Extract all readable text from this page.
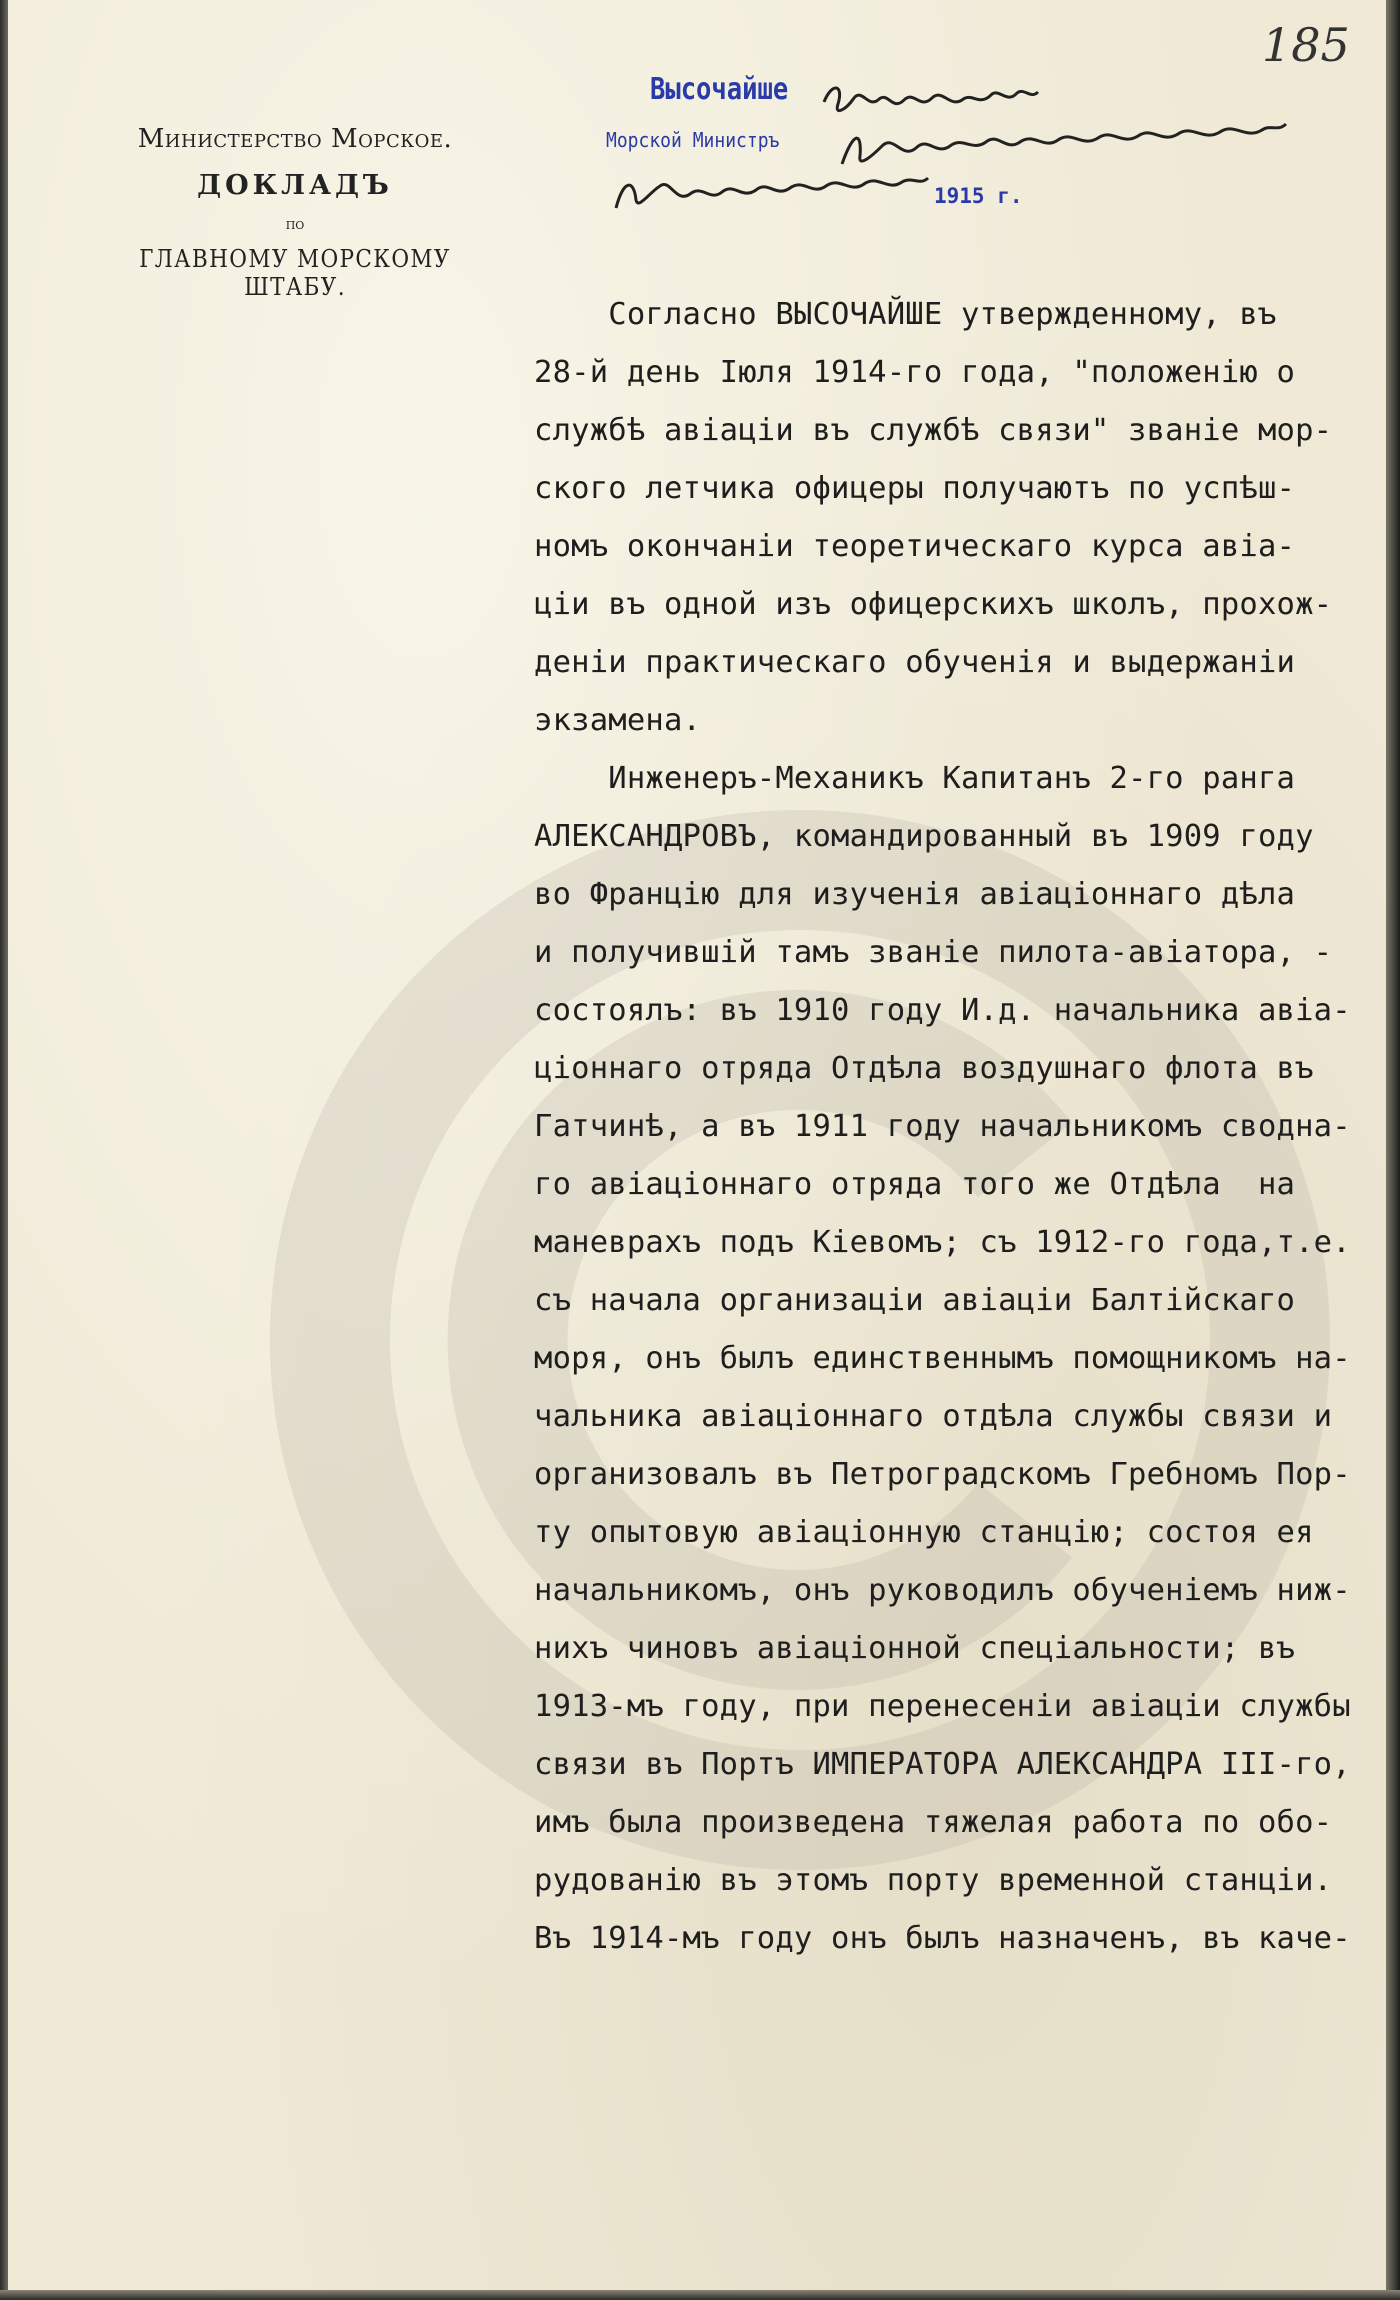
185
Министерство Морское.
ДОКЛАДЪ
по
ГЛАВНОМУ МОРСКОМУ ШТАБУ.
Высочайше
Морской Министръ
1915 г.
Согласно ВЫСОЧАЙШЕ утвержденному, въ
28-й день Iюля 1914-го года, "положенiю о
службѣ авiацiи въ службѣ связи" званiе мор-
ского летчика офицеры получаютъ по успѣш-
номъ окончанiи теоретическаго курса авiа-
цiи въ одной изъ офицерскихъ школъ, прохож-
денiи практическаго обученiя и выдержанiи
экзамена.
Инженеръ-Механикъ Капитанъ 2-го ранга
АЛЕКСАНДРОВЪ, командированный въ 1909 году
во Францiю для изученiя авiацiоннаго дѣла
и получившiй тамъ званiе пилота-авiатора, -
состоялъ: въ 1910 году И.д. начальника авiа-
цiоннаго отряда Отдѣла воздушнаго флота въ
Гатчинѣ, а въ 1911 году начальникомъ сводна-
го авiацiоннаго отряда того же Отдѣла  на
маневрахъ подъ Кiевомъ; съ 1912-го года,т.е.
съ начала организацiи авiацiи Балтiйскаго
моря, онъ былъ единственнымъ помощникомъ на-
чальника авiацiоннаго отдѣла службы связи и
организовалъ въ Петроградскомъ Гребномъ Пор-
ту опытовую авiацiонную станцiю; состоя ея
начальникомъ, онъ руководилъ обученiемъ ниж-
нихъ чиновъ авiацiонной спецiальности; въ
1913-мъ году, при перенесенiи авiацiи службы
связи въ Портъ ИМПЕРАТОРА АЛЕКСАНДРА III-го,
имъ была произведена тяжелая работа по обо-
рудованiю въ этомъ порту временной станцiи.
Въ 1914-мъ году онъ былъ назначенъ, въ каче-
